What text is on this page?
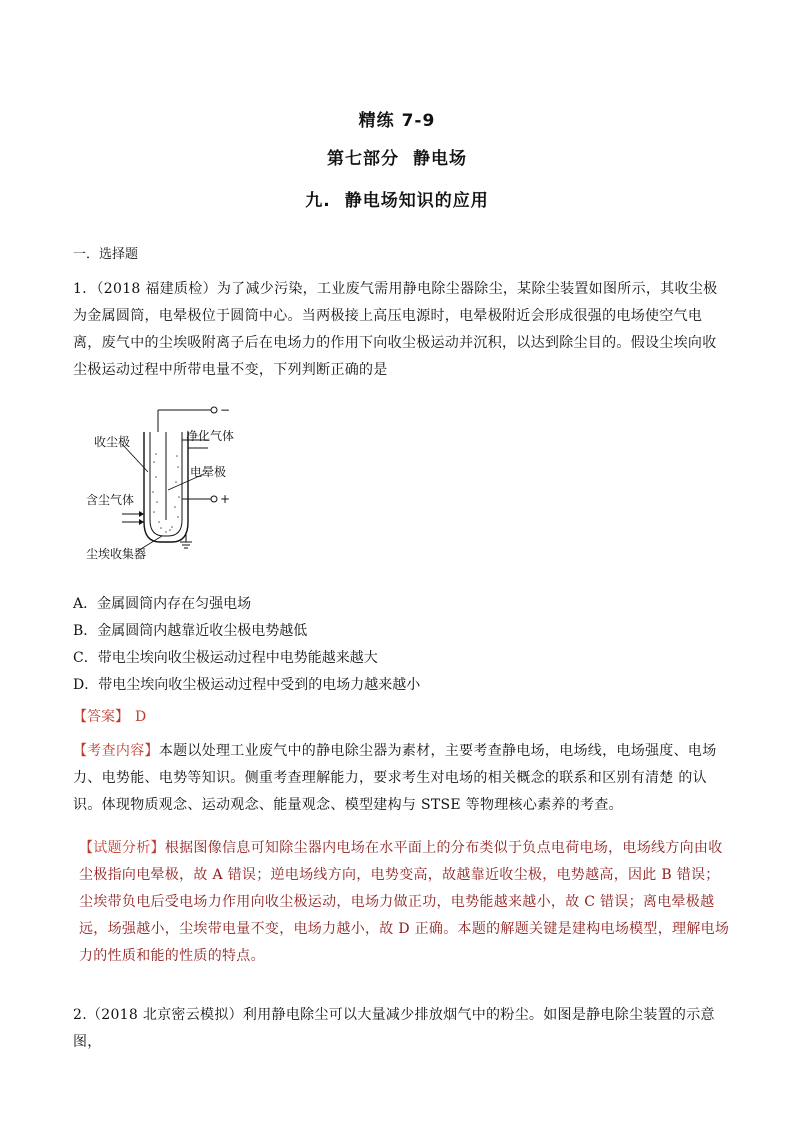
精练 7-9
第七部分 静电场
九. 静电场知识的应用
一．选择题
1．（2018 福建质检）为了减少污染，工业废气需用静电除尘器除尘，某除尘装置如图所示，其收尘极为金属圆筒，电晕极位于圆筒中心。当两极接上高压电源时，电晕极附近会形成很强的电场使空气电离，废气中的尘埃吸附离子后在电场力的作用下向收尘极运动并沉积，以达到除尘目的。假设尘埃向收尘极运动过程中所带电量不变，下列判断正确的是
−
+
收尘极	净化气体
电晕极
含尘气体
尘埃收集器
A．金属圆筒内存在匀强电场
B．金属圆筒内越靠近收尘极电势越低
C．带电尘埃向收尘极运动过程中电势能越来越大
D．带电尘埃向收尘极运动过程中受到的电场力越来越小
【答案】 D
【考查内容】本题以处理工业废气中的静电除尘器为素材，主要考查静电场，电场线，电场强度、电场力、电势能、电势等知识。侧重考查理解能力，要求考生对电场的相关概念的联系和区别有清楚 的认识。体现物质观念、运动观念、能量观念、模型建构与 STSE 等物理核心素养的考查。
【试题分析】根据图像信息可知除尘器内电场在水平面上的分布类似于负点电荷电场，电场线方向由收尘极指向电晕极，故 A 错误；逆电场线方向，电势变高，故越靠近收尘极，电势越高，因此 B 错误；尘埃带负电后受电场力作用向收尘极运动，电场力做正功，电势能越来越小，故 C 错误；离电晕极越远，场强越小，尘埃带电量不变，电场力越小，故 D 正确。本题的解题关键是建构电场模型，理解电场力的性质和能的性质的特点。
2.（2018 北京密云模拟）利用静电除尘可以大量减少排放烟气中的粉尘。如图是静电除尘装置的示意图，
